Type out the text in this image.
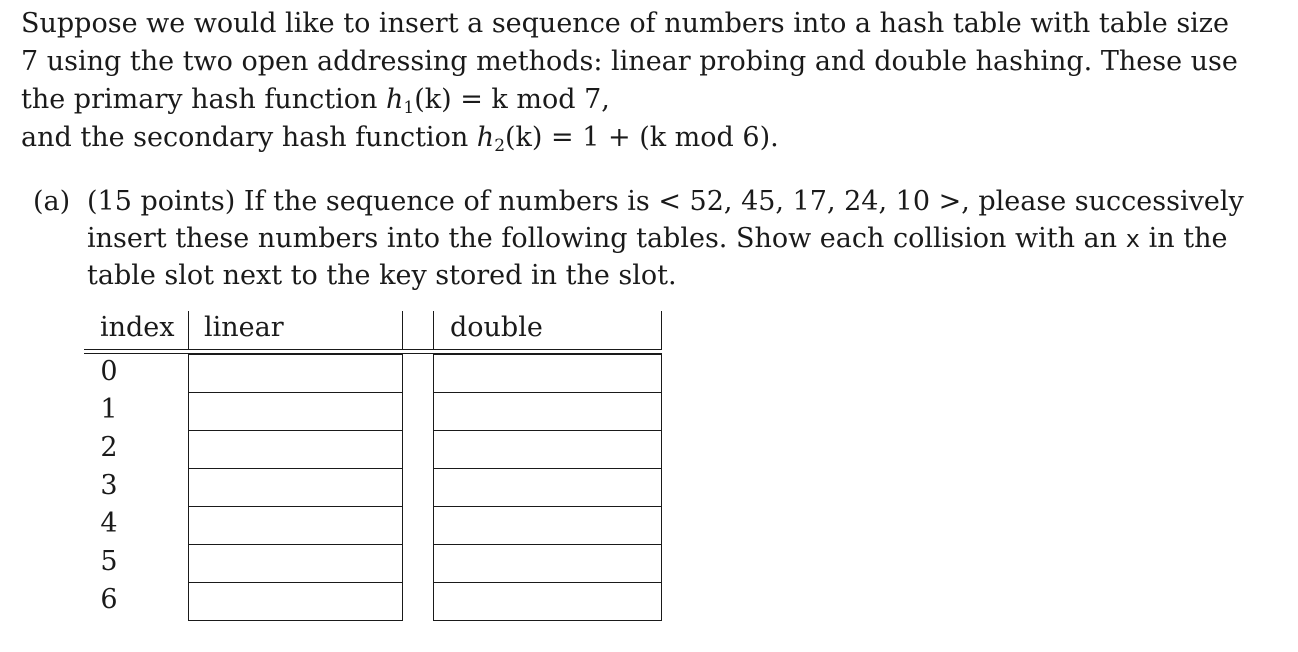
Suppose we would like to insert a sequence of numbers into a hash table with table size
7 using the two open addressing methods: linear probing and double hashing. These use
the primary hash function $h_1(k) = k$ mod 7,
and the secondary hash function $h_2(k) = 1 + (k$ mod 6).
(a) (15 points) If the sequence of numbers is < 52, 45, 17, 24, 10 >, please successively
insert these numbers into the following tables. Show each collision with an x in the
table slot next to the key stored in the slot.
index linear	double
0
1
2
3
4
5
6
